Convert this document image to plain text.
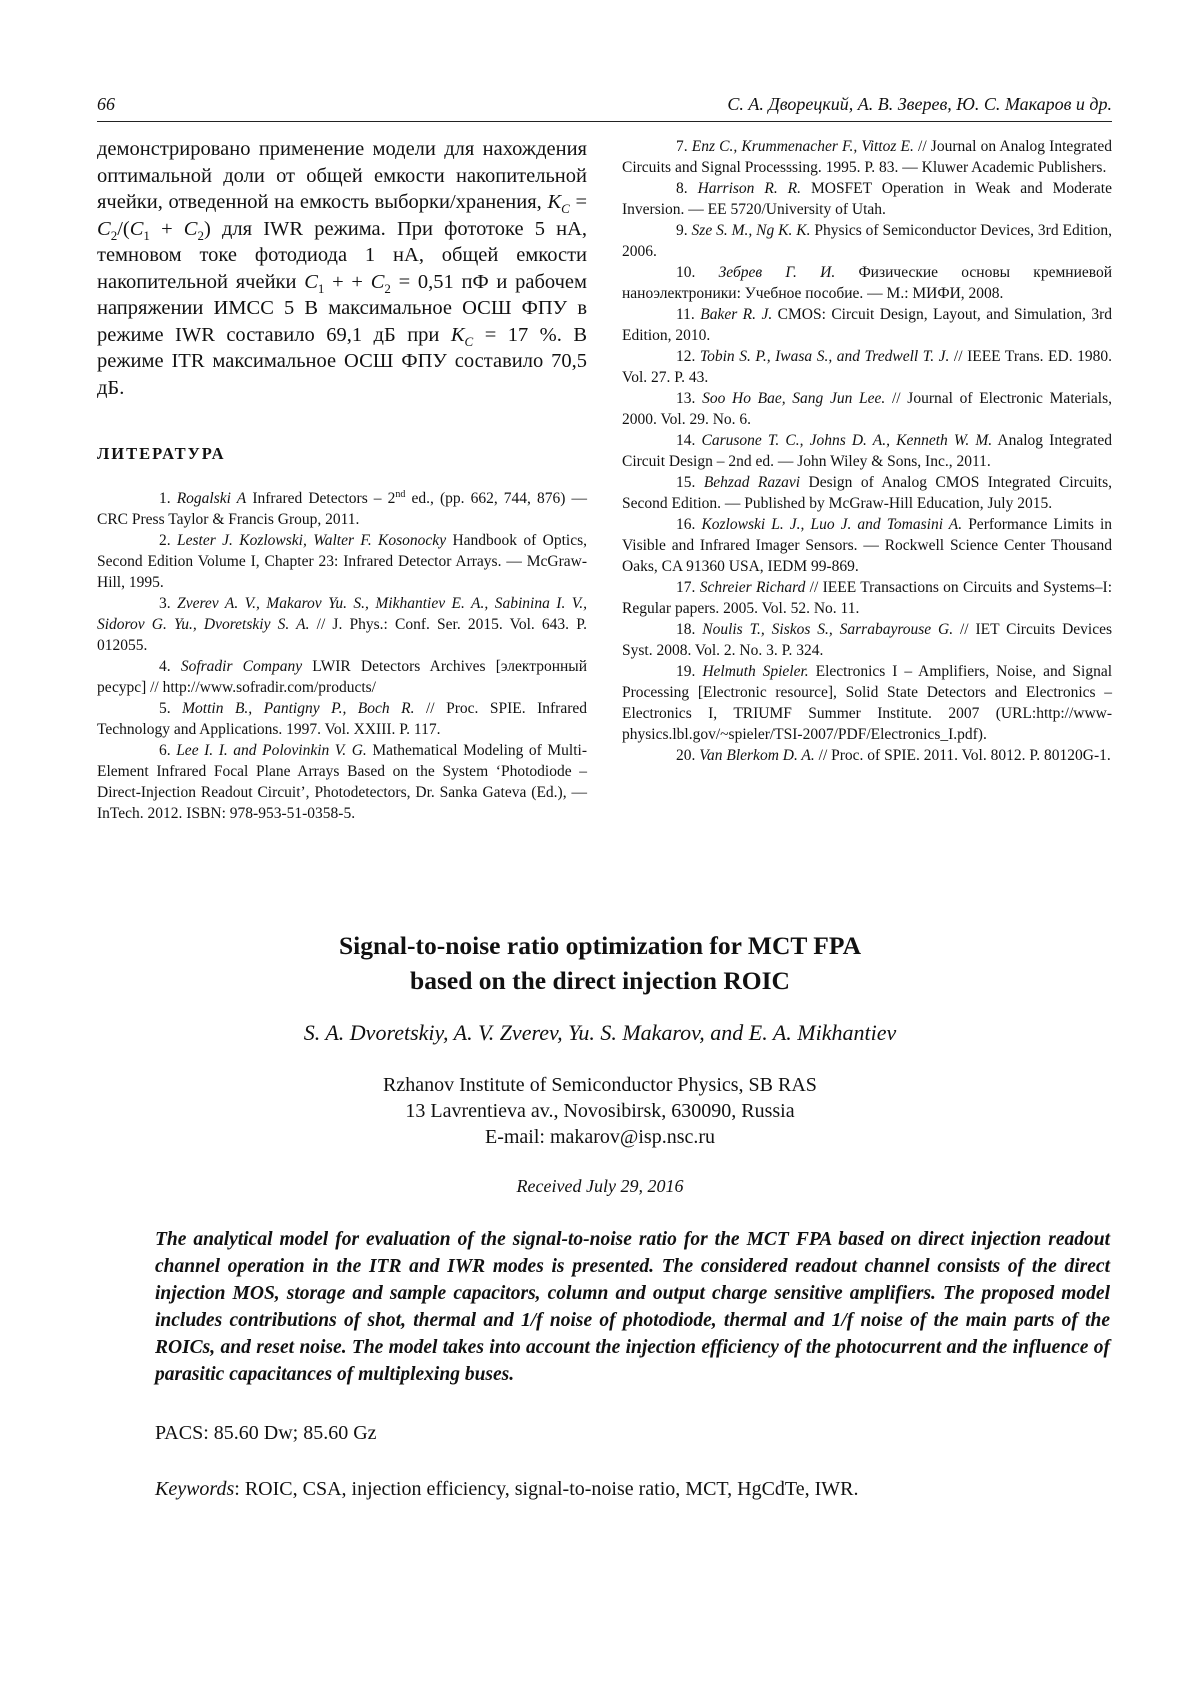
66	С. А. Дворецкий, А. В. Зверев, Ю. С. Макаров и др.

демонстрировано применение модели для нахождения оптимальной доли от общей емкости накопительной ячейки, отведенной на емкость выборки/хранения, $K_C = C_2/(C_1 + C_2)$ для IWR режима. При фототоке 5 нА, темновом токе фотодиода 1 нА, общей емкости накопительной ячейки $C_1$ + + $C_2 = 0,51$ пФ и рабочем напряжении ИМСС 5 В максимальное ОСШ ФПУ в режиме IWR составило 69,1 дБ при $K_C = 17$ %. В режиме ITR максимальное ОСШ ФПУ составило 70,5 дБ.

ЛИТЕРАТУРА

1. Rogalski A Infrared Detectors – 2nd ed., (pp. 662, 744, 876) — CRC Press Taylor & Francis Group, 2011.

2. Lester J. Kozlowski, Walter F. Kosonocky Handbook of Optics, Second Edition Volume I, Chapter 23: Infrared Detector Arrays. — McGraw-Hill, 1995.

3. Zverev A. V., Makarov Yu. S., Mikhantiev E. A., Sabinina I. V., Sidorov G. Yu., Dvoretskiy S. A. // J. Phys.: Conf. Ser. 2015. Vol. 643. P. 012055.

4. Sofradir Company LWIR Detectors Archives [электронный ресурс] // http://www.sofradir.com/products/

5. Mottin B., Pantigny P., Boch R. // Proc. SPIE. Infrared Technology and Applications. 1997. Vol. XXIII. P. 117.

6. Lee I. I. and Polovinkin V. G. Mathematical Modeling of Multi-Element Infrared Focal Plane Arrays Based on the System ‘Photodiode – Direct-Injection Readout Circuit’, Photodetectors, Dr. Sanka Gateva (Ed.), — InTech. 2012. ISBN: 978-953-51-0358-5.

7. Enz C., Krummenacher F., Vittoz E. // Journal on Analog Integrated Circuits and Signal Processsing. 1995. P. 83. — Kluwer Academic Publishers.

8. Harrison R. R. MOSFET Operation in Weak and Moderate Inversion. — EE 5720/University of Utah.

9. Sze S. M., Ng K. K. Physics of Semiconductor Devices, 3rd Edition, 2006.

10. Зебрев Г. И. Физические основы кремниевой наноэлектроники: Учебное пособие. — М.: МИФИ, 2008.

11. Baker R. J. CMOS: Circuit Design, Layout, and Simulation, 3rd Edition, 2010.

12. Tobin S. P., Iwasa S., and Tredwell T. J. // IEEE Trans. ED. 1980. Vol. 27. P. 43.

13. Soo Ho Bae, Sang Jun Lee. // Journal of Electronic Materials, 2000. Vol. 29. No. 6.

14. Carusone T. C., Johns D. A., Kenneth W. M. Analog Integrated Circuit Design – 2nd ed. — John Wiley & Sons, Inc., 2011.

15. Behzad Razavi Design of Analog CMOS Integrated Circuits, Second Edition. — Published by McGraw-Hill Education, July 2015.

16. Kozlowski L. J., Luo J. and Tomasini A. Performance Limits in Visible and Infrared Imager Sensors. — Rockwell Science Center Thousand Oaks, CA 91360 USA, IEDM 99-869.

17. Schreier Richard // IEEE Transactions on Circuits and Systems–I: Regular papers. 2005. Vol. 52. No. 11.

18. Noulis T., Siskos S., Sarrabayrouse G. // IET Circuits Devices Syst. 2008. Vol. 2. No. 3. P. 324.

19. Helmuth Spieler. Electronics I – Amplifiers, Noise, and Signal Processing [Electronic resource], Solid State Detectors and Electronics – Electronics I, TRIUMF Summer Institute. 2007 (URL:http://www-physics.lbl.gov/~spieler/TSI-2007/PDF/Electronics_I.pdf).

20. Van Blerkom D. A. // Proc. of SPIE. 2011. Vol. 8012. P. 80120G-1.

Signal-to-noise ratio optimization for MCT FPA
based on the direct injection ROIC

S. A. Dvoretskiy, A. V. Zverev, Yu. S. Makarov, and E. A. Mikhantiev

Rzhanov Institute of Semiconductor Physics, SB RAS
13 Lavrentieva av., Novosibirsk, 630090, Russia
E-mail: makarov@isp.nsc.ru

Received July 29, 2016

The analytical model for evaluation of the signal-to-noise ratio for the MCT FPA based on direct injection readout channel operation in the ITR and IWR modes is presented. The considered readout channel consists of the direct injection MOS, storage and sample capacitors, column and output charge sensitive amplifiers. The proposed model includes contributions of shot, thermal and 1/f noise of photodiode, thermal and 1/f noise of the main parts of the ROICs, and reset noise. The model takes into account the injection efficiency of the photocurrent and the influence of parasitic capacitances of multiplexing buses.

PACS: 85.60 Dw; 85.60 Gz

Keywords: ROIC, CSA, injection efficiency, signal-to-noise ratio, MCT, HgCdTe, IWR.
